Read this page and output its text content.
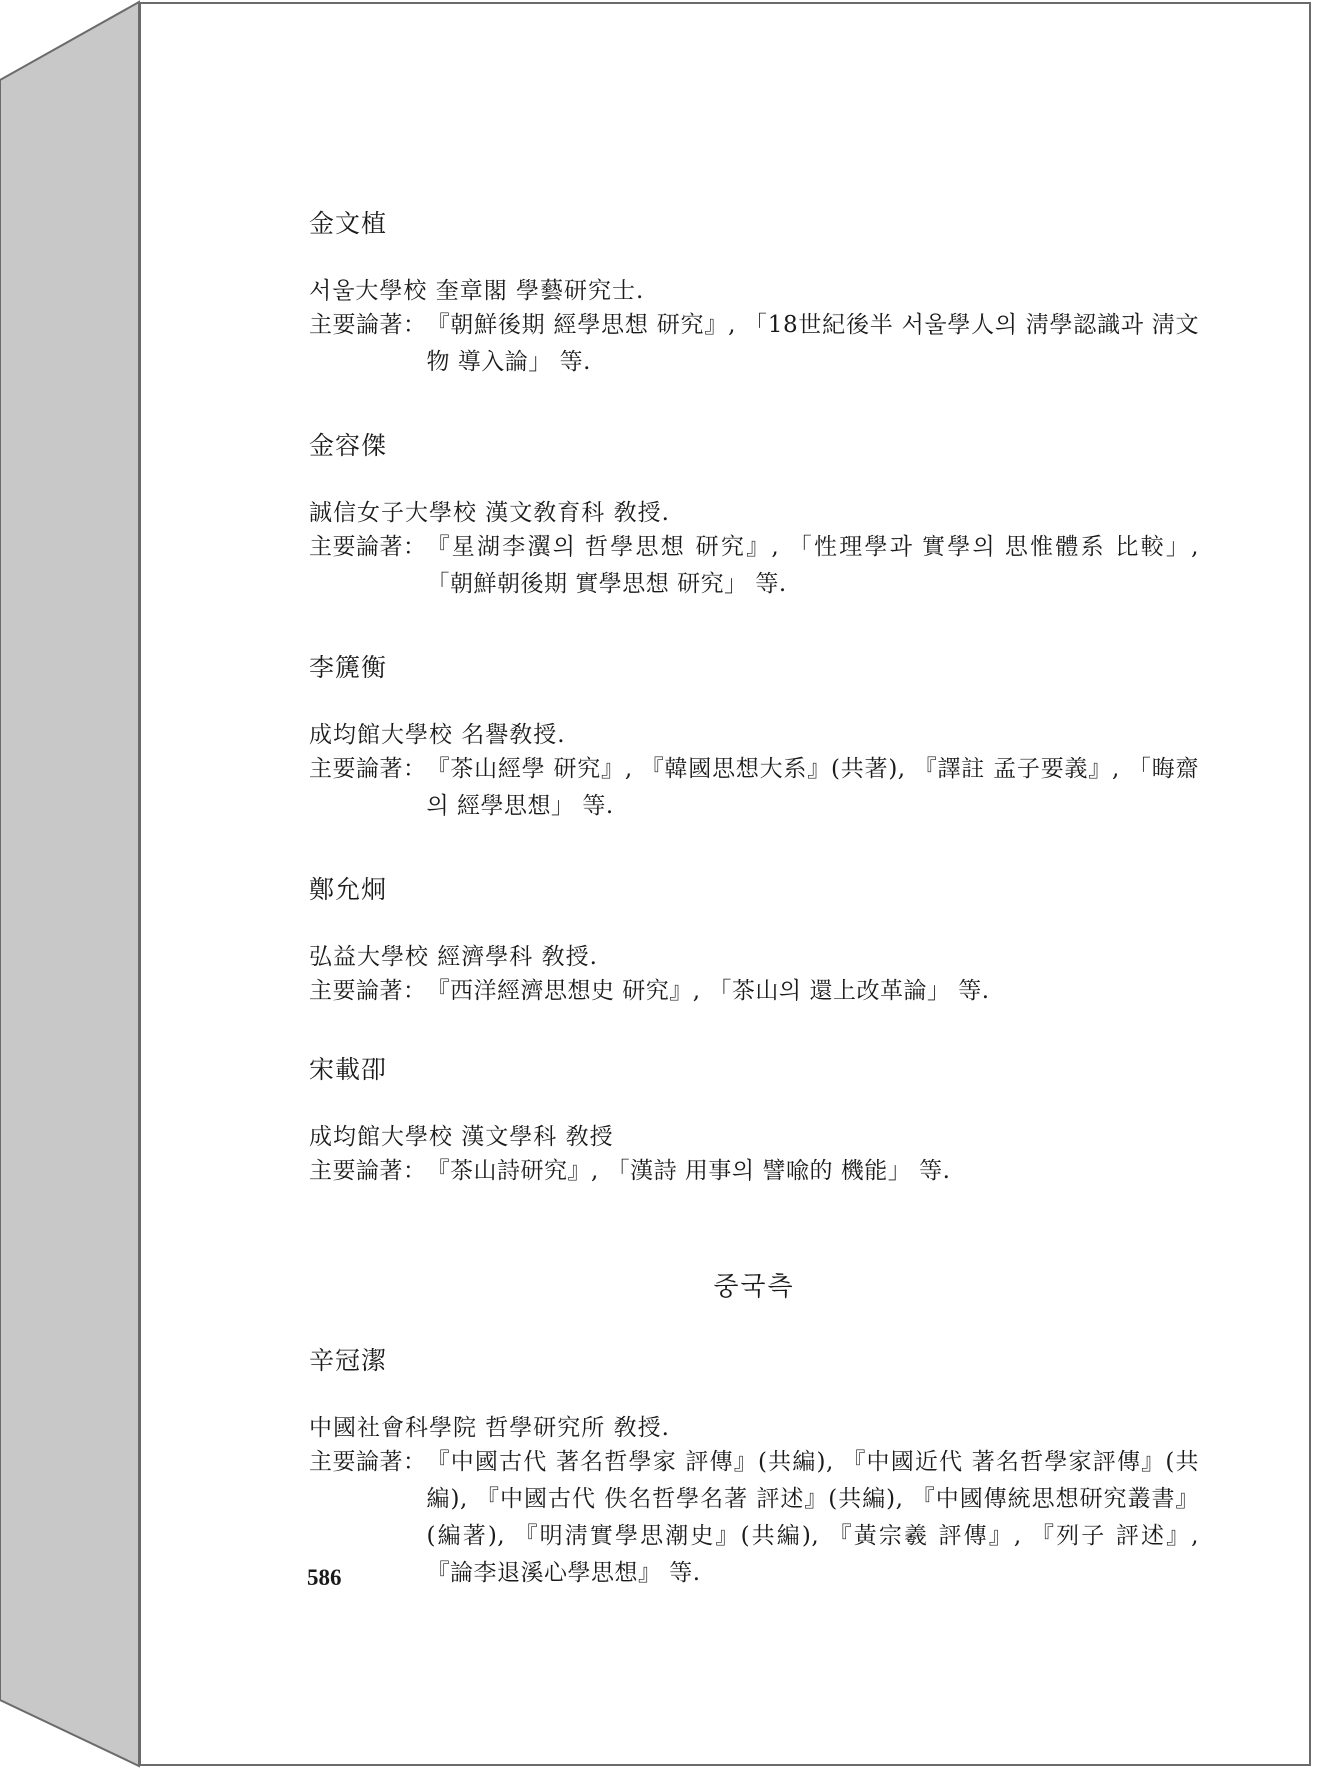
金文植

서울大學校 奎章閣 學藝研究士.

主要論著： 『朝鮮後期 經學思想 研究』, 「18世紀後半 서울學人의 淸學認識과 淸文物 導入論」 等.

金容傑

誠信女子大學校 漢文敎育科 敎授.

主要論著： 『星湖李瀷의 哲學思想 研究』, 「性理學과 實學의 思惟體系 比較」, 「朝鮮朝後期 實學思想 研究」 等.

李篪衡

成均館大學校 名譽敎授.

主要論著： 『茶山經學 研究』, 『韓國思想大系』(共著), 『譯註 孟子要義』, 「晦齋의 經學思想」 等.

鄭允炯

弘益大學校 經濟學科 敎授.

主要論著： 『西洋經濟思想史 研究』, 「茶山의 還上改革論」 等.

宋載卲

成均館大學校 漢文學科 敎授

主要論著： 『茶山詩研究』, 「漢詩 用事의 譬喩的 機能」 等.

중국측

辛冠潔

中國社會科學院 哲學研究所 敎授.

主要論著： 『中國古代 著名哲學家 評傳』(共編), 『中國近代 著名哲學家評傳』(共編), 『中國古代 佚名哲學名著 評述』(共編), 『中國傳統思想研究叢書』(編著), 『明淸實學思潮史』(共編), 『黃宗羲 評傳』, 『列子 評述』, 『論李退溪心學思想』 等.
586
